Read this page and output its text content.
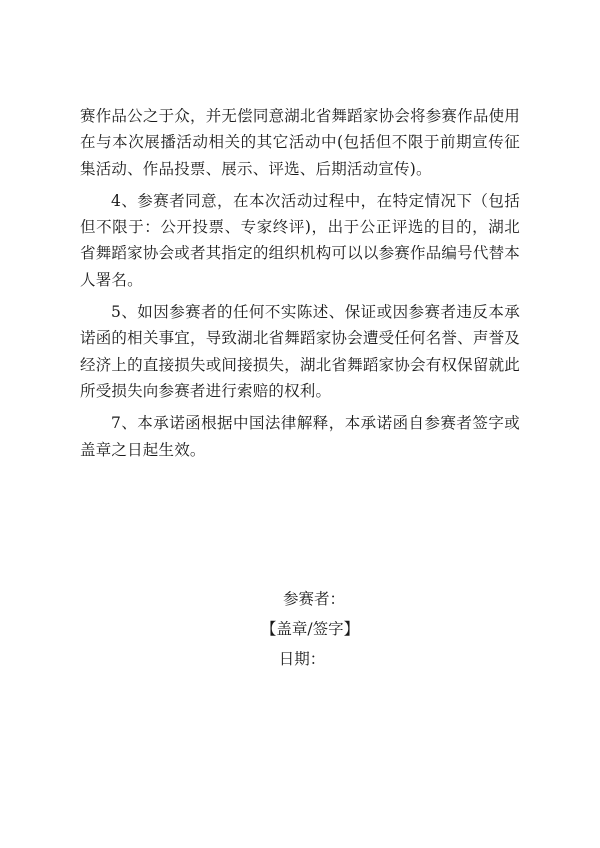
赛作品公之于众，并无偿同意湖北省舞蹈家协会将参赛作品使用在与本次展播活动相关的其它活动中(包括但不限于前期宣传征集活动、作品投票、展示、评选、后期活动宣传)。

4、参赛者同意，在本次活动过程中，在特定情况下（包括但不限于：公开投票、专家终评)，出于公正评选的目的，湖北省舞蹈家协会或者其指定的组织机构可以以参赛作品编号代替本人署名。

5、如因参赛者的任何不实陈述、保证或因参赛者违反本承诺函的相关事宜，导致湖北省舞蹈家协会遭受任何名誉、声誉及经济上的直接损失或间接损失，湖北省舞蹈家协会有权保留就此所受损失向参赛者进行索赔的权利。

7、本承诺函根据中国法律解释，本承诺函自参赛者签字或盖章之日起生效。

参赛者：
【盖章/签字】
日期：
